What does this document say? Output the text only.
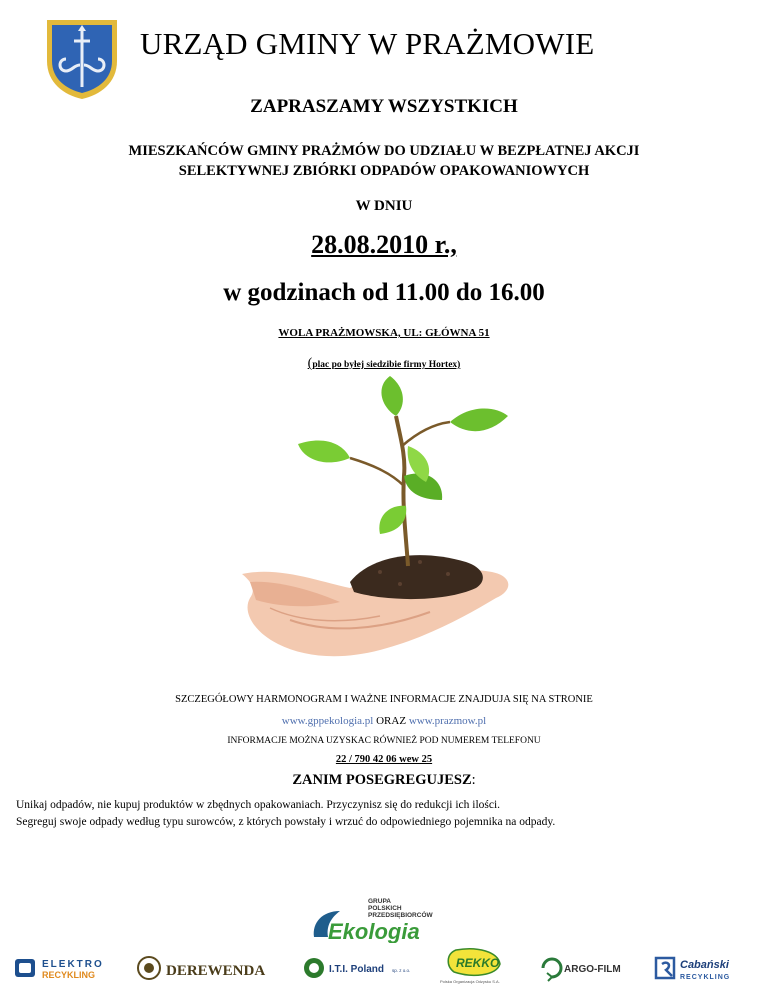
URZĄD GMINY W PRAŻMOWIE
ZAPRASZAMY WSZYSTKICH
MIESZKAŃCÓW GMINY PRAŻMÓW DO UDZIAŁU W BEZPŁATNEJ AKCJI
SELEKTYWNEJ ZBIÓRKI ODPADÓW OPAKOWANIOWYCH
W DNIU
28.08.2010 r.,
w godzinach od 11.00 do 16.00
WOLA PRAŻMOWSKA, UL: GŁÓWNA 51
(plac po byłej siedzibie firmy Hortex)
SZCZEGÓŁOWY HARMONOGRAM I WAŻNE INFORMACJE ZNAJDUJA SIĘ NA STRONIE
www.gppekologia.pl ORAZ www.prazmow.pl
INFORMACJE MOŻNA UZYSKAC RÓWNIEŻ POD NUMEREM TELEFONU
22 / 790 42 06 wew 25
ZANIM POSEGREGUJESZ:
Unikaj odpadów, nie kupuj produktów w zbędnych opakowaniach. Przyczynisz się do redukcji ich ilości.
Segreguj swoje odpady według typu surowców, z których powstały i wrzuć do odpowiedniego pojemnika na odpady.
GRUPA
POLSKICH
PRZEDSIĘBIORCÓW
Ekologia
ELEKTRO
RECYKLING	DEREWENDA	I.T.I. Poland sp. z o.o.
REKKO
Polska Organizacja Odzysku S.A.
ARGO-FILM	Cabański
RECYKLING
